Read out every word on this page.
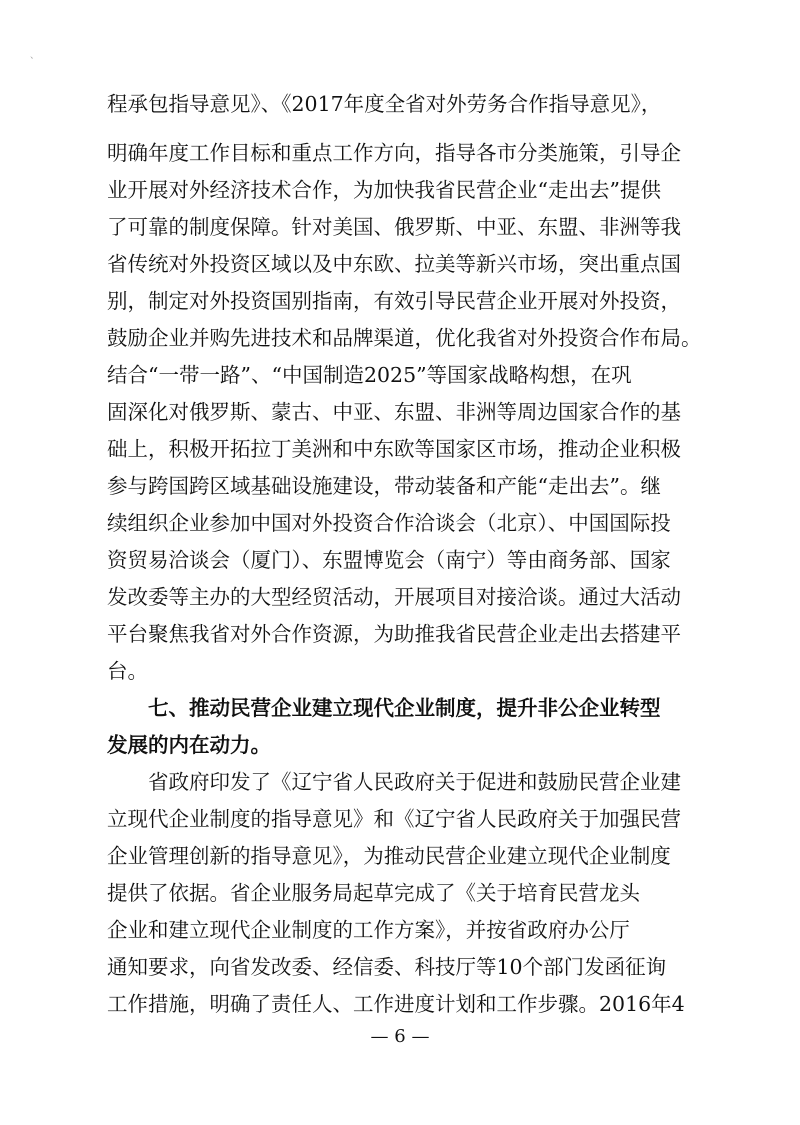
、
程承包指导意见》、《2017年度全省对外劳务合作指导意见》，
明确年度工作目标和重点工作方向，指导各市分类施策，引导企
业开展对外经济技术合作，为加快我省民营企业“走出去”提供
了可靠的制度保障。针对美国、俄罗斯、中亚、东盟、非洲等我
省传统对外投资区域以及中东欧、拉美等新兴市场，突出重点国
别，制定对外投资国别指南，有效引导民营企业开展对外投资，
鼓励企业并购先进技术和品牌渠道，优化我省对外投资合作布局。
结合“一带一路”、“中国制造2025”等国家战略构想，在巩
固深化对俄罗斯、蒙古、中亚、东盟、非洲等周边国家合作的基
础上，积极开拓拉丁美洲和中东欧等国家区市场，推动企业积极
参与跨国跨区域基础设施建设，带动装备和产能“走出去”。继
续组织企业参加中国对外投资合作洽谈会（北京）、中国国际投
资贸易洽谈会（厦门）、东盟博览会（南宁）等由商务部、国家
发改委等主办的大型经贸活动，开展项目对接洽谈。通过大活动
平台聚焦我省对外合作资源，为助推我省民营企业走出去搭建平
台。
七、推动民营企业建立现代企业制度，提升非公企业转型
发展的内在动力。
省政府印发了《辽宁省人民政府关于促进和鼓励民营企业建
立现代企业制度的指导意见》和《辽宁省人民政府关于加强民营
企业管理创新的指导意见》，为推动民营企业建立现代企业制度
提供了依据。省企业服务局起草完成了《关于培育民营龙头
企业和建立现代企业制度的工作方案》，并按省政府办公厅
通知要求，向省发改委、经信委、科技厅等10个部门发函征询
工作措施，明确了责任人、工作进度计划和工作步骤。2016年4
— 6 —
